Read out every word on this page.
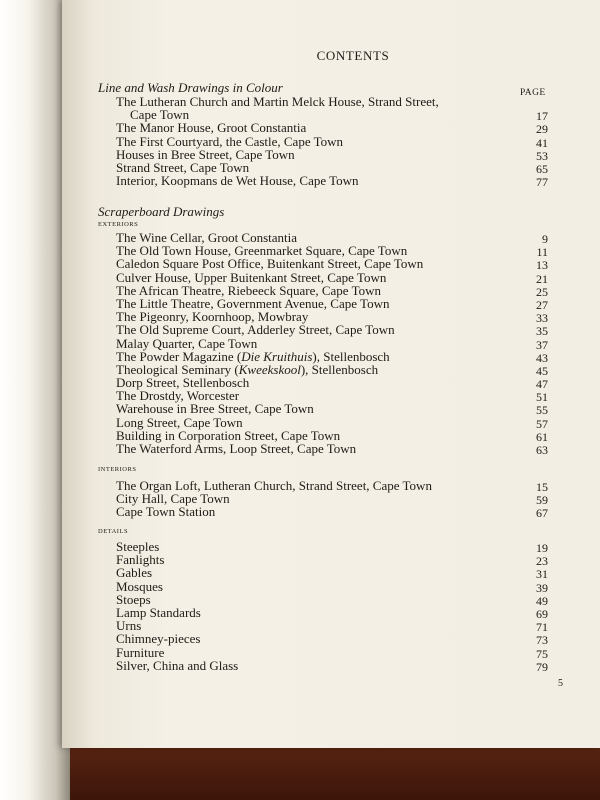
CONTENTS
PAGE
Line and Wash Drawings in Colour
The Lutheran Church and Martin Melck House, Strand Street,
Cape Town	17
The Manor House, Groot Constantia	29
The First Courtyard, the Castle, Cape Town	41
Houses in Bree Street, Cape Town	53
Strand Street, Cape Town	65
Interior, Koopmans de Wet House, Cape Town	77
Scraperboard Drawings
EXTERIORS
The Wine Cellar, Groot Constantia	9
The Old Town House, Greenmarket Square, Cape Town	11
Caledon Square Post Office, Buitenkant Street, Cape Town	13
Culver House, Upper Buitenkant Street, Cape Town	21
The African Theatre, Riebeeck Square, Cape Town	25
The Little Theatre, Government Avenue, Cape Town	27
The Pigeonry, Koornhoop, Mowbray	33
The Old Supreme Court, Adderley Street, Cape Town	35
Malay Quarter, Cape Town	37
The Powder Magazine (Die Kruithuis), Stellenbosch	43
Theological Seminary (Kweekskool), Stellenbosch	45
Dorp Street, Stellenbosch	47
The Drostdy, Worcester	51
Warehouse in Bree Street, Cape Town	55
Long Street, Cape Town	57
Building in Corporation Street, Cape Town	61
The Waterford Arms, Loop Street, Cape Town	63
INTERIORS
The Organ Loft, Lutheran Church, Strand Street, Cape Town	15
City Hall, Cape Town	59
Cape Town Station	67
DETAILS
Steeples	19
Fanlights	23
Gables	31
Mosques	39
Stoeps	49
Lamp Standards	69
Urns	71
Chimney-pieces	73
Furniture	75
Silver, China and Glass	79
5
